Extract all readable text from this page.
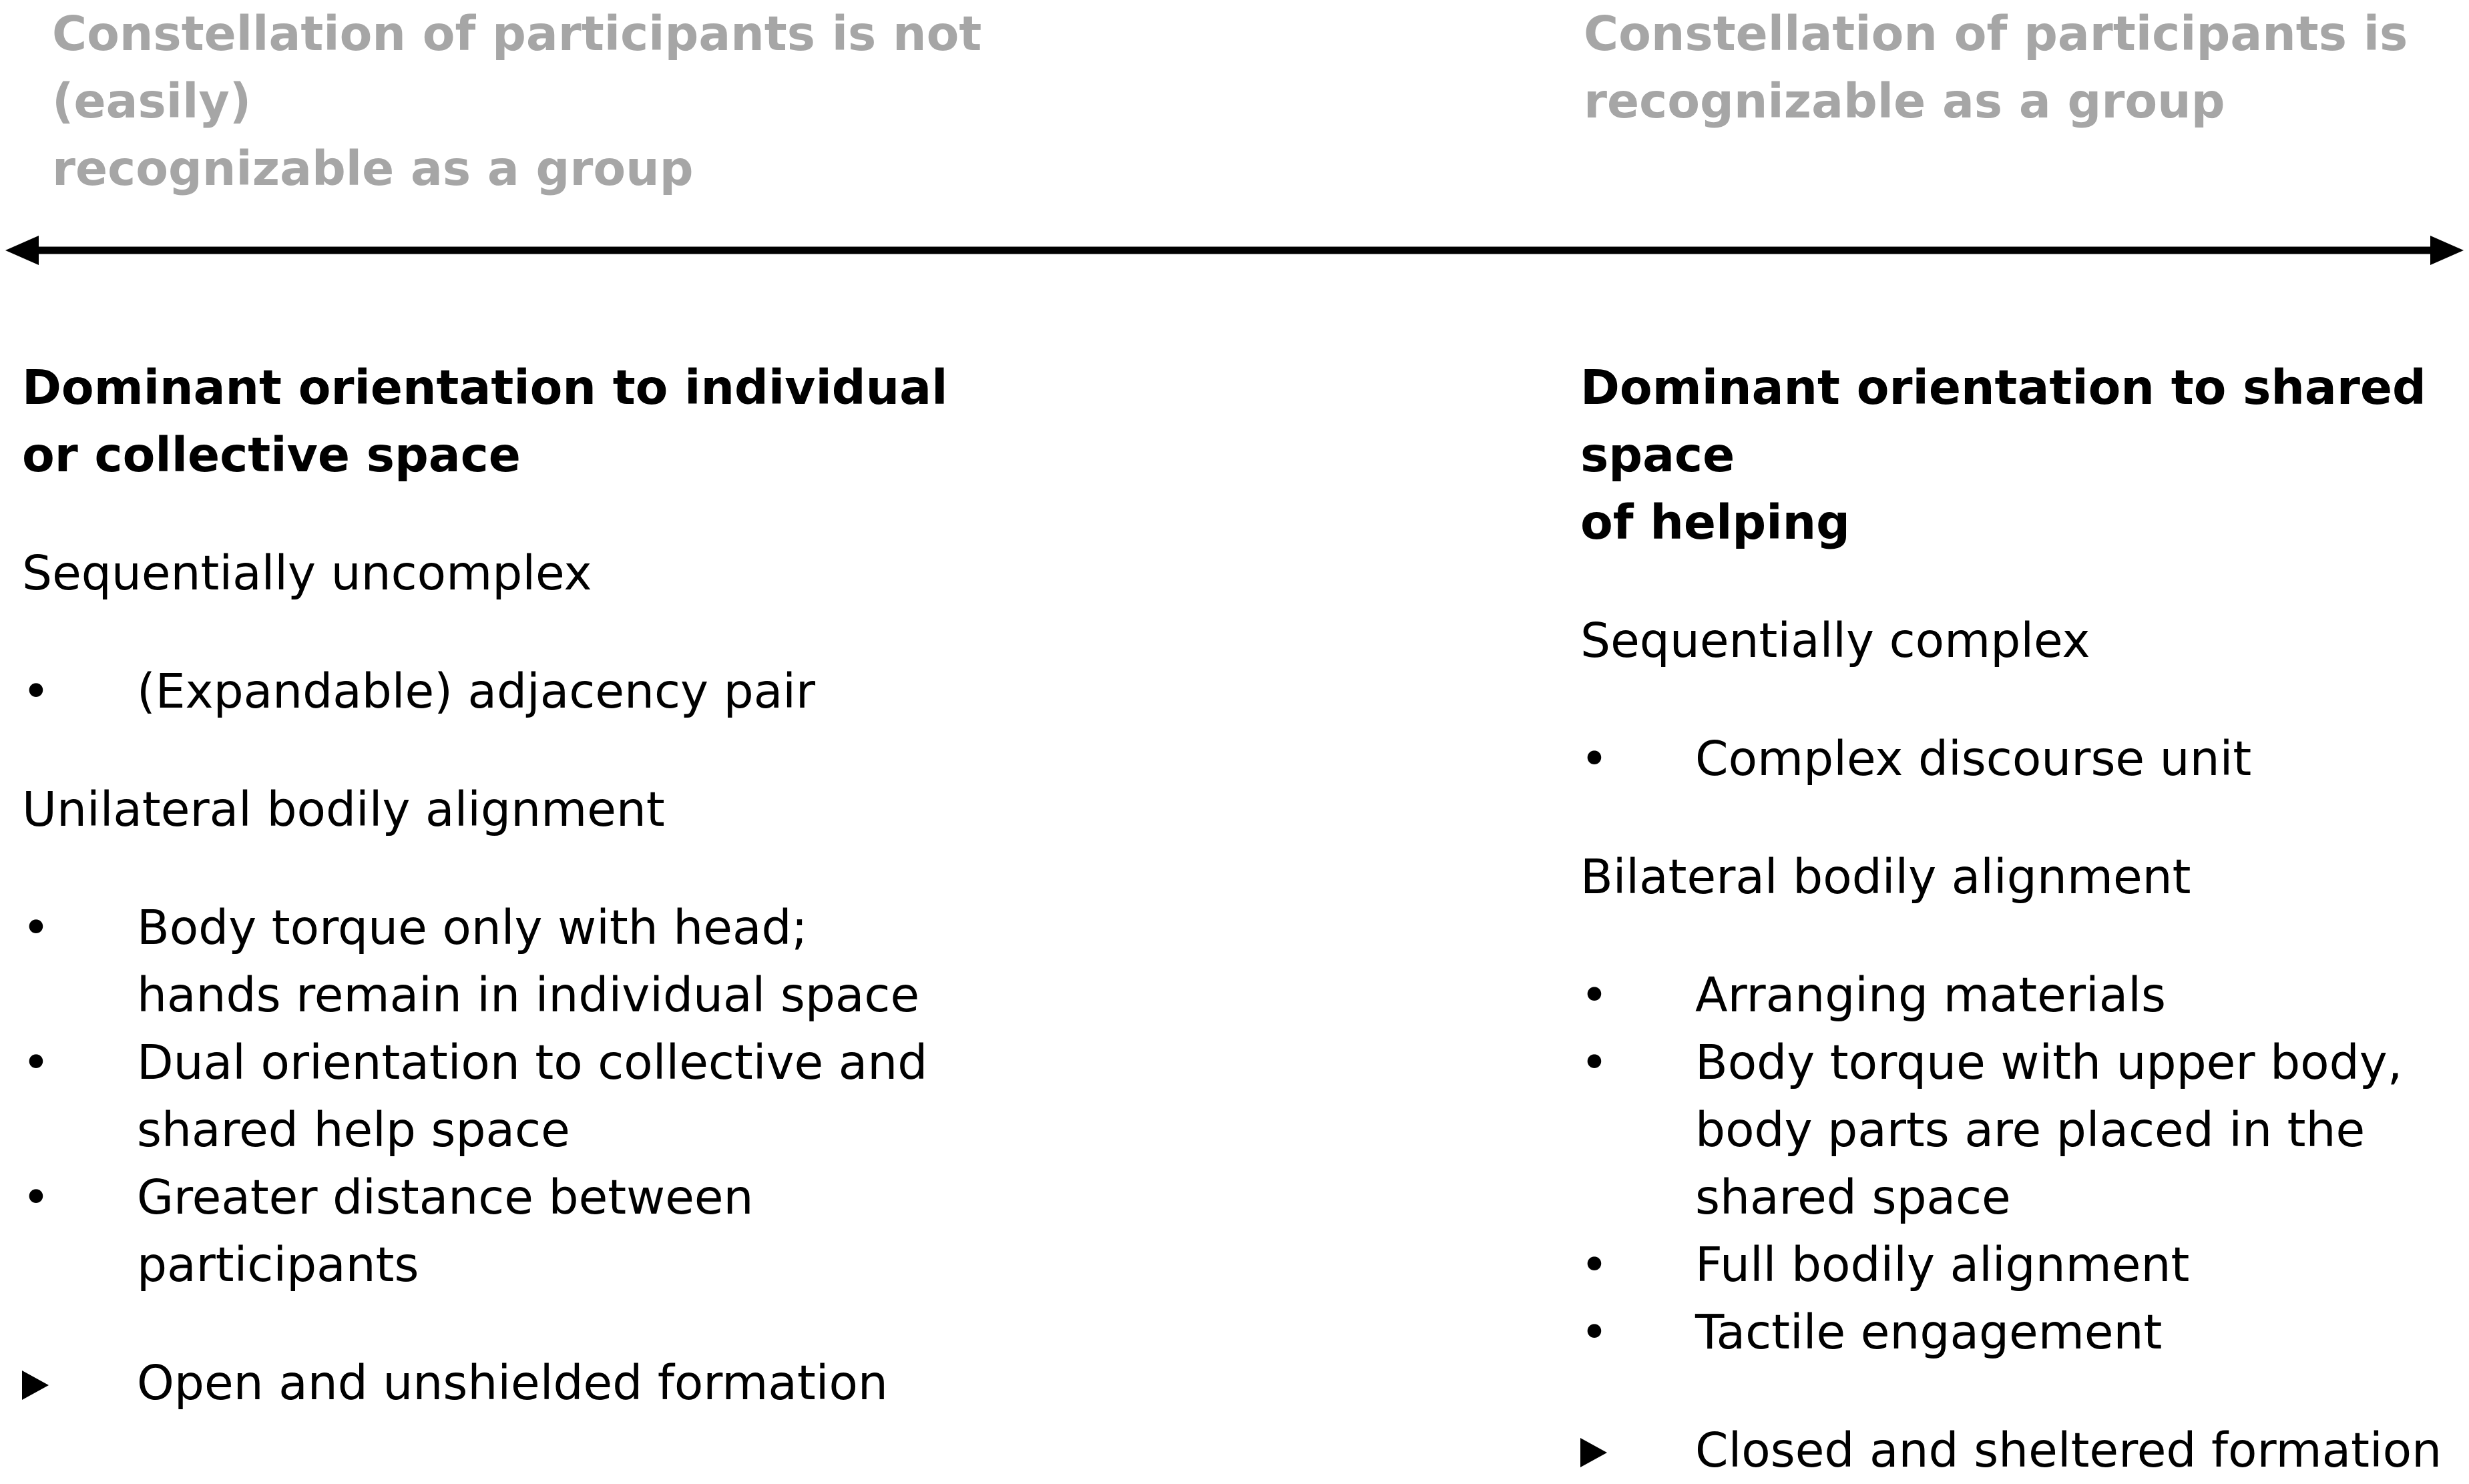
Constellation of participants is not (easily)
recognizable as a group
Constellation of participants is
recognizable as a group

Dominant orientation to individual
or collective space

Sequentially uncomplex

• (Expandable) adjacency pair

Unilateral bodily alignment

• Body torque only with head;
hands remain in individual space
• Dual orientation to collective and
shared help space
• Greater distance between
participants
Open and unshielded formation

Dominant orientation to shared space
of helping

Sequentially complex

• Complex discourse unit

Bilateral bodily alignment

• Arranging materials
• Body torque with upper body,
body parts are placed in the
shared space
• Full bodily alignment
• Tactile engagement
Closed and sheltered formation
